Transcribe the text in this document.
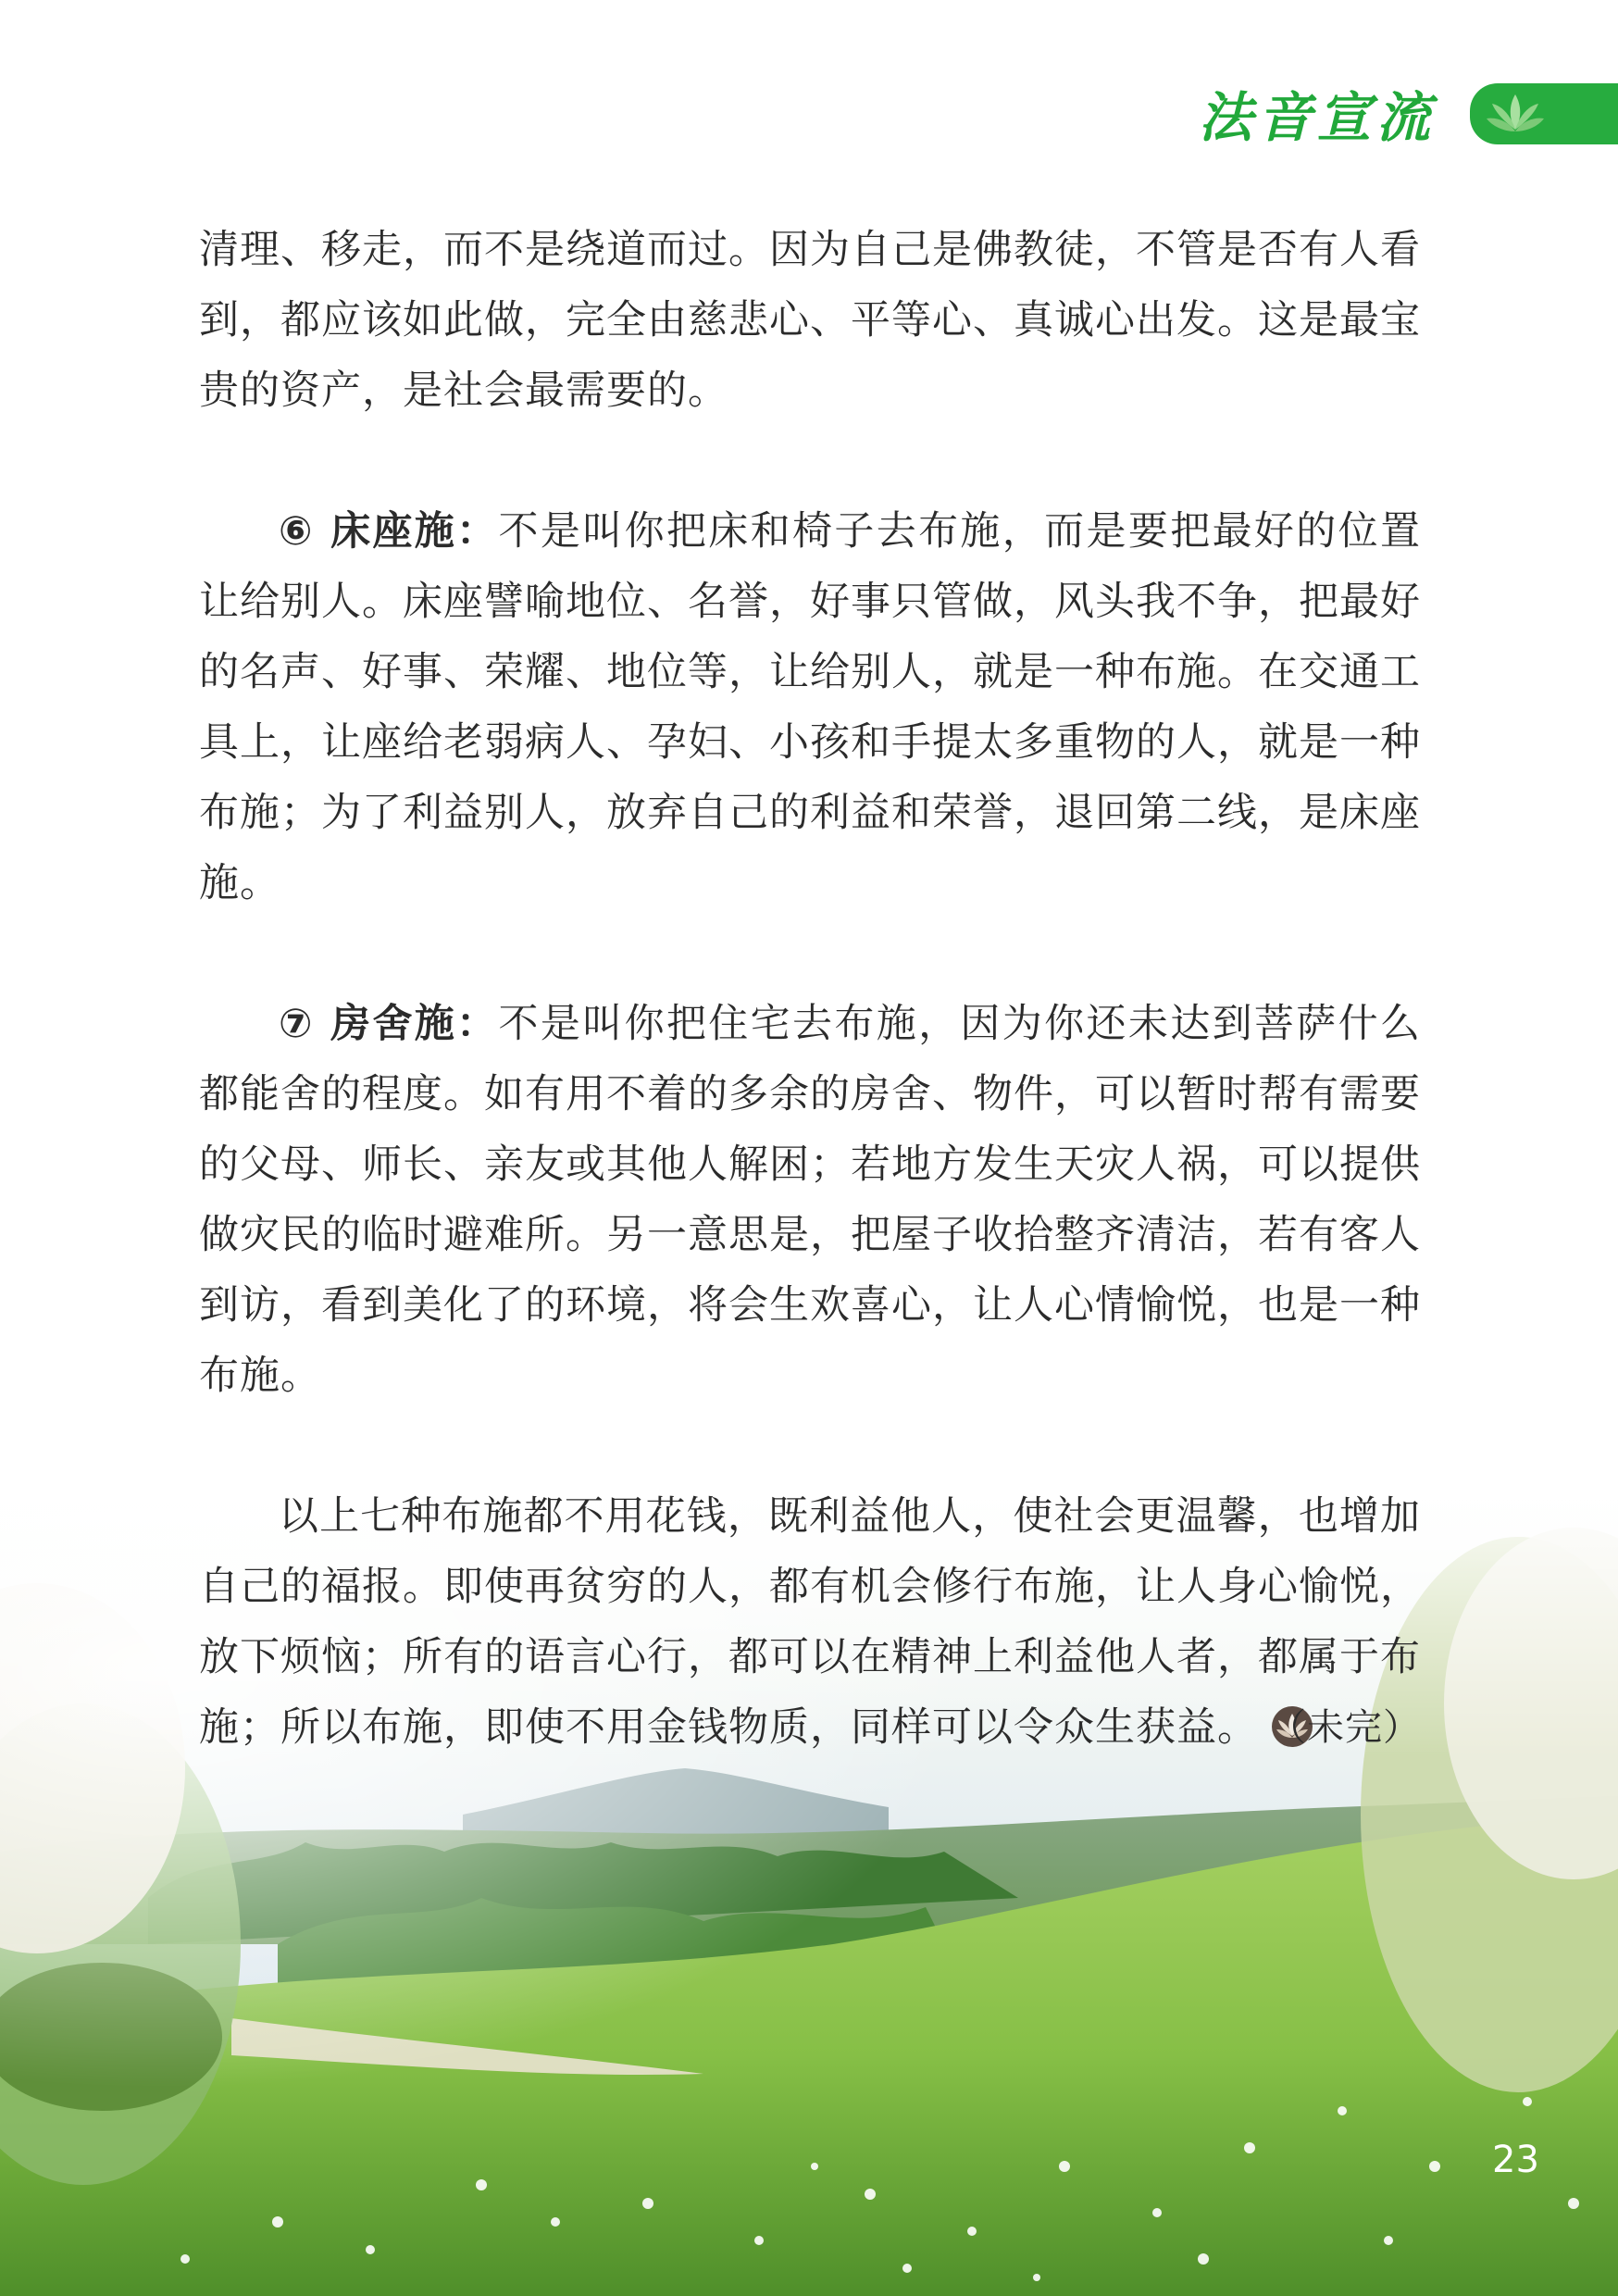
法音宣流

清理、移走，而不是绕道而过。因为自己是佛教徒，不管是否有人看到，都应该如此做，完全由慈悲心、平等心、真诚心出发。这是最宝贵的资产，是社会最需要的。

⑥ 床座施：不是叫你把床和椅子去布施，而是要把最好的位置让给别人。床座譬喻地位、名誉，好事只管做，风头我不争，把最好的名声、好事、荣耀、地位等，让给别人，就是一种布施。在交通工具上，让座给老弱病人、孕妇、小孩和手提太多重物的人，就是一种布施；为了利益别人，放弃自己的利益和荣誉，退回第二线，是床座施。

⑦ 房舍施：不是叫你把住宅去布施，因为你还未达到菩萨什么都能舍的程度。如有用不着的多余的房舍、物件，可以暂时帮有需要的父母、师长、亲友或其他人解困；若地方发生天灾人祸，可以提供做灾民的临时避难所。另一意思是，把屋子收拾整齐清洁，若有客人到访，看到美化了的环境，将会生欢喜心，让人心情愉悦，也是一种布施。

以上七种布施都不用花钱，既利益他人，使社会更温馨，也增加自己的福报。即使再贫穷的人，都有机会修行布施，让人身心愉悦，放下烦恼；所有的语言心行，都可以在精神上利益他人者，都属于布施；所以布施，即使不用金钱物质，同样可以令众生获益。 （未完）

23
